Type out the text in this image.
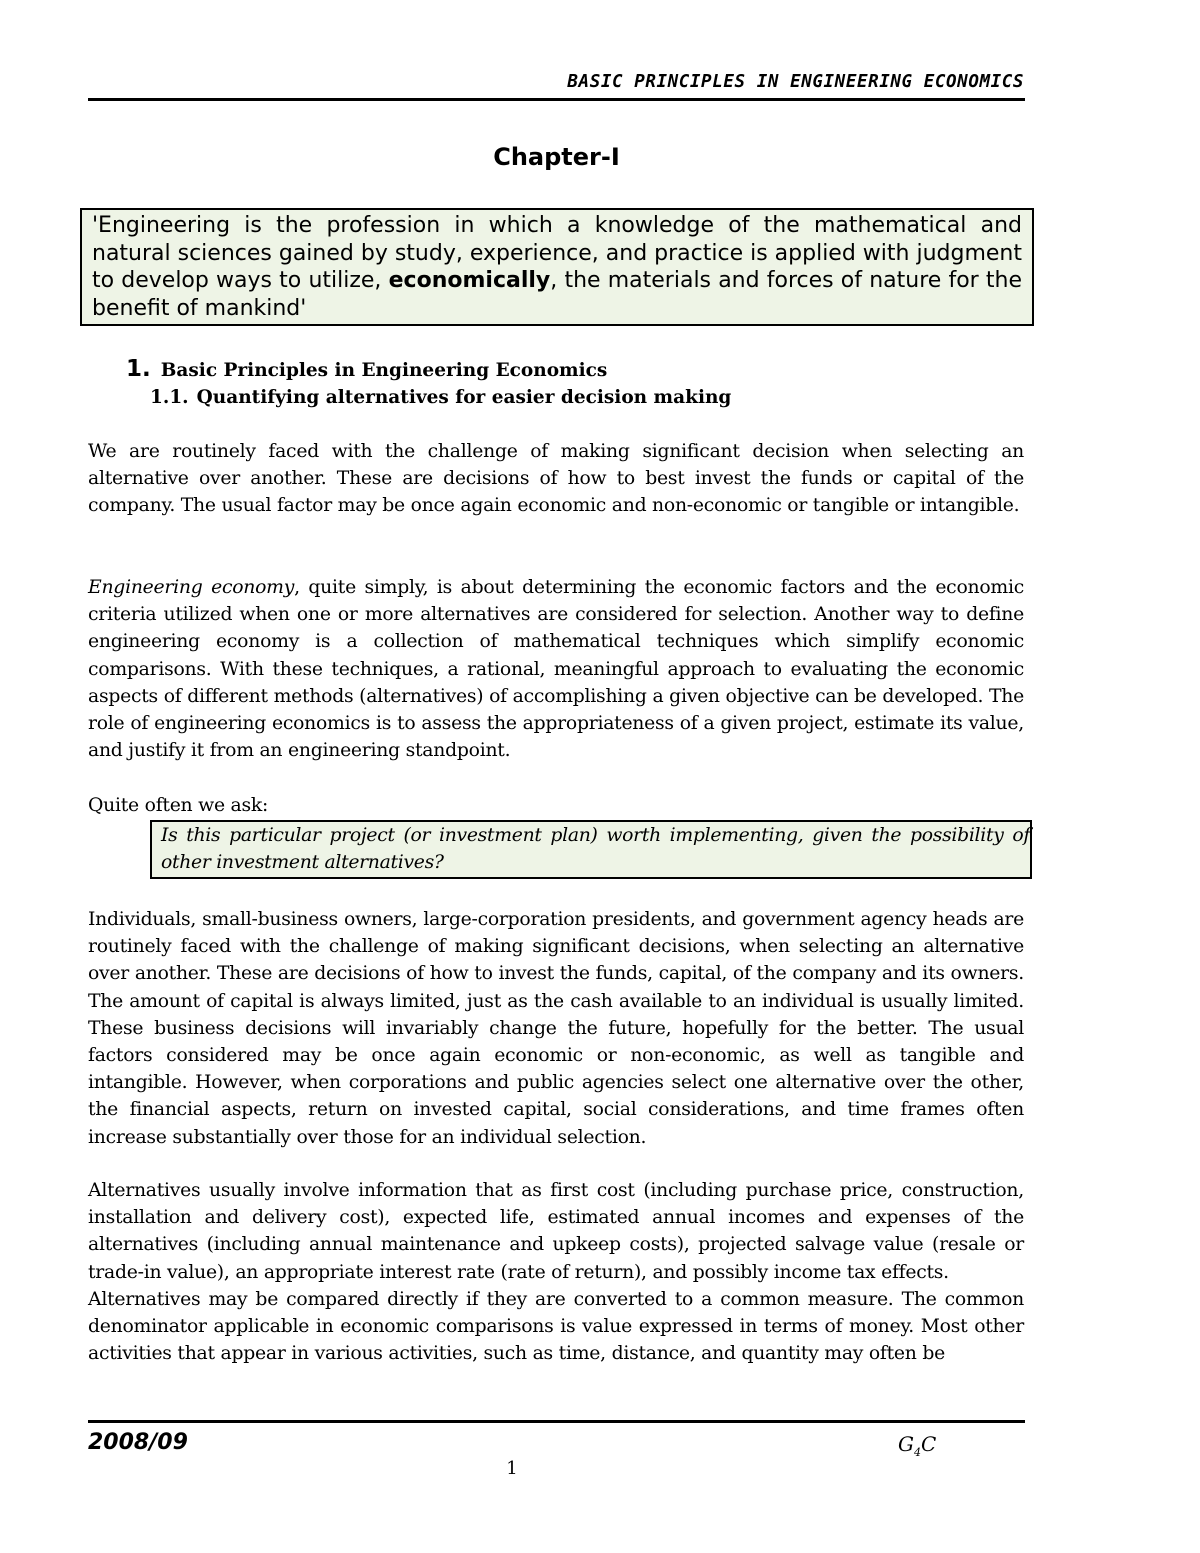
BASIC PRINCIPLES IN ENGINEERING ECONOMICS
Chapter-I
'Engineering is the profession in which a knowledge of the mathematical and natural sciences gained by study, experience, and practice is applied with judgment to develop ways to utilize, economically, the materials and forces of nature for the benefit of mankind'
1. Basic Principles in Engineering Economics
1.1. Quantifying alternatives for easier decision making

We are routinely faced with the challenge of making significant decision when selecting an alternative over another. These are decisions of how to best invest the funds or capital of the company. The usual factor may be once again economic and non-economic or tangible or intangible.

Engineering economy, quite simply, is about determining the economic factors and the economic criteria utilized when one or more alternatives are considered for selection. Another way to define engineering economy is a collection of mathematical techniques which simplify economic comparisons. With these techniques, a rational, meaningful approach to evaluating the economic aspects of different methods (alternatives) of accomplishing a given objective can be developed. The role of engineering economics is to assess the appropriateness of a given project, estimate its value, and justify it from an engineering standpoint.

Quite often we ask:

Is this particular project (or investment plan) worth implementing, given the possibility of other investment alternatives?

Individuals, small-business owners, large-corporation presidents, and government agency heads are routinely faced with the challenge of making significant decisions, when selecting an alternative over another. These are decisions of how to invest the funds, capital, of the company and its owners. The amount of capital is always limited, just as the cash available to an individual is usually limited. These business decisions will invariably change the future, hopefully for the better. The usual factors considered may be once again economic or non-economic, as well as tangible and intangible. However, when corporations and public agencies select one alternative over the other, the financial aspects, return on invested capital, social considerations, and time frames often increase substantially over those for an individual selection.

Alternatives usually involve information that as first cost (including purchase price, construction, installation and delivery cost), expected life, estimated annual incomes and expenses of the alternatives (including annual maintenance and upkeep costs), projected salvage value (resale or trade-in value), an appropriate interest rate (rate of return), and possibly income tax effects.

Alternatives may be compared directly if they are converted to a common measure. The common denominator applicable in economic comparisons is value expressed in terms of money. Most other activities that appear in various activities, such as time, distance, and quantity may often be

2008/09	$G_4C$
1
